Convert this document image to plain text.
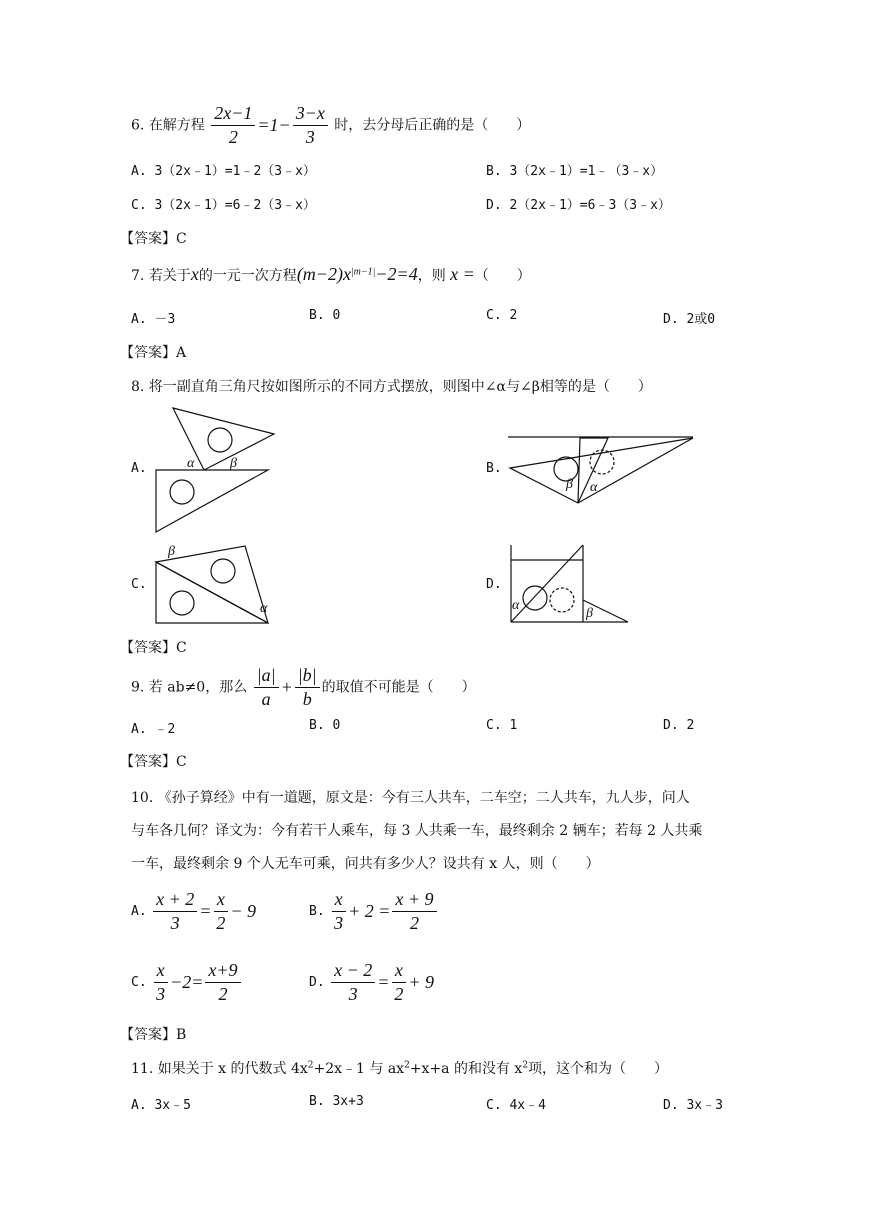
6. 在解方程 $\frac{2x-1}{2} =1- \frac{3-x}{3}$ 时，去分母后正确的是（　　）
A. 3（2x﹣1）=1﹣2（3﹣x）	B. 3（2x﹣1）=1﹣（3﹣x）
C. 3（2x﹣1）=6﹣2（3﹣x）	D. 2（2x﹣1）=6﹣3（3﹣x）
【答案】C
7. 若关于x的一元一次方程$(m-2)x^{|m-1|}-2=4$，则 x =（　　）
A. －3	B. 0	C. 2	D. 2或0
【答案】A
8. 将一副直角三角尺按如图所示的不同方式摆放，则图中∠α与∠β相等的是（　　）
A.	α	β	B.
β α
C.
β
α
D.
α
β
【答案】C
9. 若 ab≠0，那么 $\frac{|a|}{a} + \frac{|b|}{b}$ 的取值不可能是（　　）
A. ﹣2	B. 0	C. 1	D. 2
【答案】C
10. 《孙子算经》中有一道题，原文是：今有三人共车，二车空；二人共车，九人步，问人
与车各几何？译文为：今有若干人乘车，每 3 人共乘一车，最终剩余 2 辆车；若每 2 人共乘
一车，最终剩余 9 个人无车可乘，问共有多少人？设共有 x 人，则（　　）
A. $\frac{x + 2}{3} = \frac{x}{2} - 9$	B. $\frac{x}{3} + 2 = \frac{x + 9}{2}$
C. $\frac{x}{3} -2= \frac{x+9}{2}$	D. $\frac{x - 2}{3} = \frac{x}{2} + 9$
【答案】B
11. 如果关于 x 的代数式 $4x^2+2x﹣1$ 与 $ax^2+x+a$ 的和没有 $x^2$项，这个和为（　　）
A. 3x﹣5	B. 3x+3	C. 4x﹣4	D. 3x﹣3
